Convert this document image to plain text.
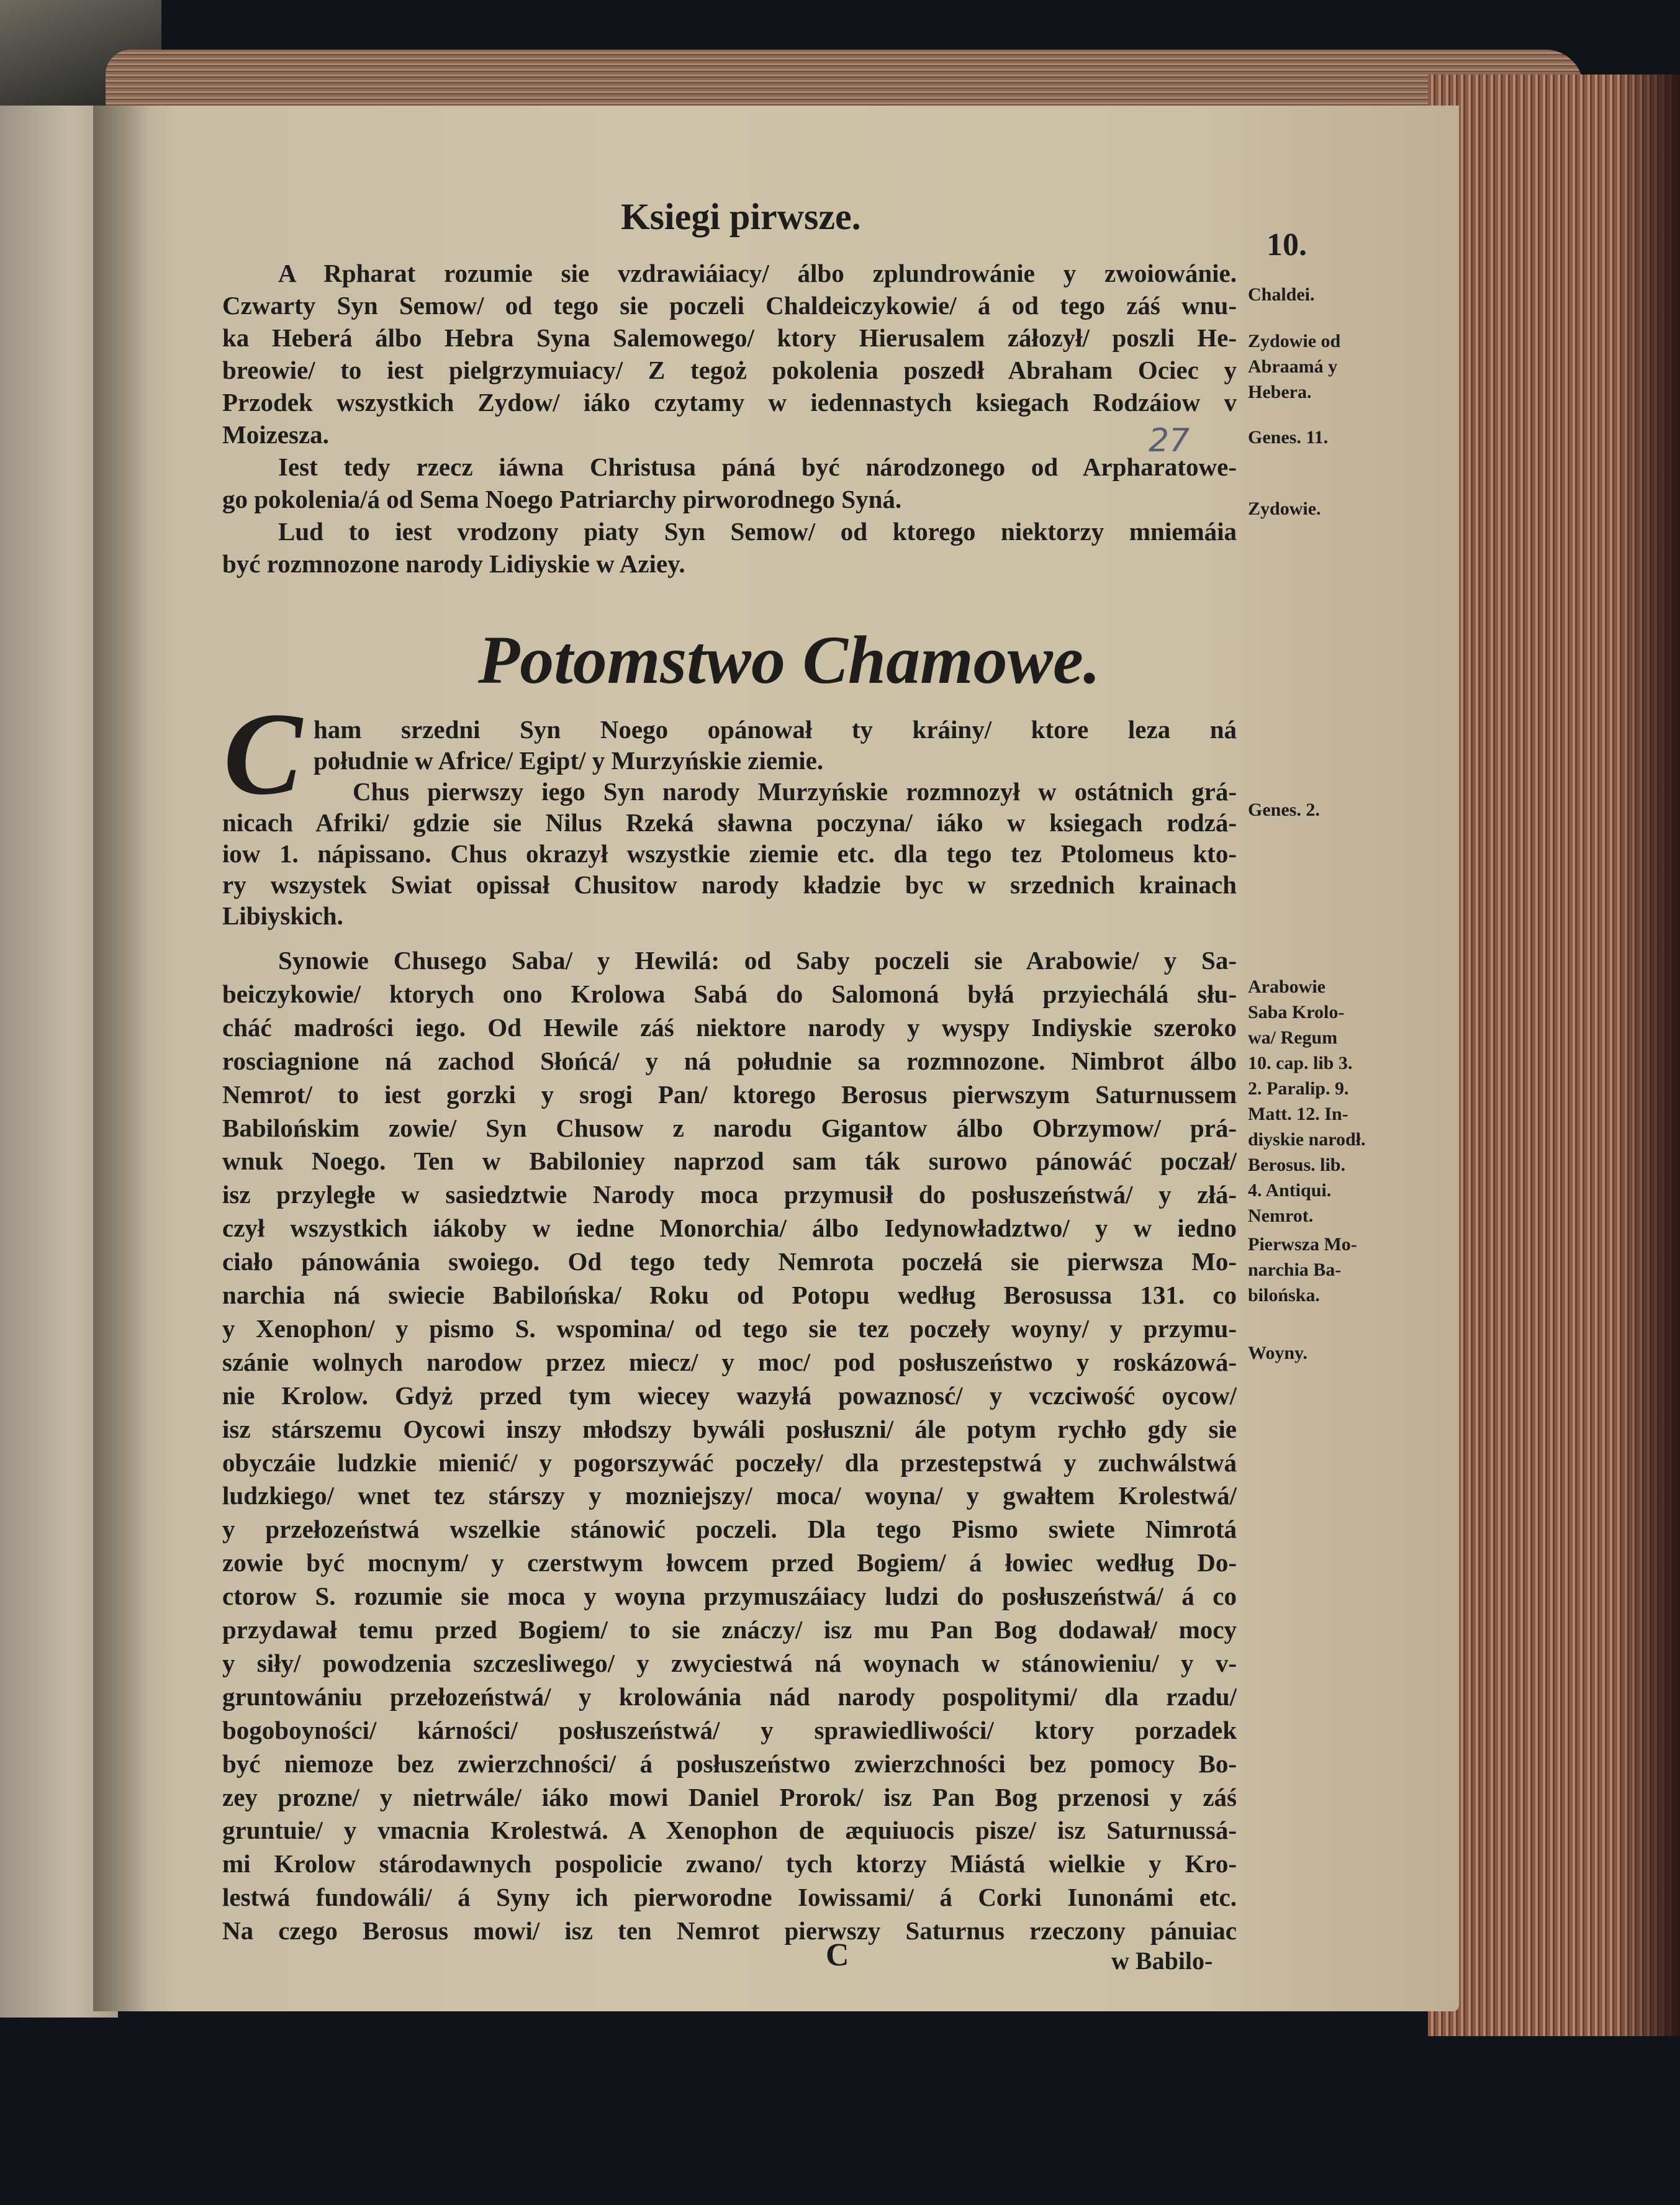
Ksiegi pirwsze.
10.
27
Potomstwo Chamowe.
C
C	w Babilo-
A Rpharat rozumie sie vzdrawiáiacy/ álbo zplundrowánie y zwoiowánie.
Czwarty Syn Semow/ od tego sie poczeli Chaldeiczykowie/ á od tego záś wnu-
ka Heberá álbo Hebra Syna Salemowego/ ktory Hierusalem záłozył/ poszli He-
breowie/ to iest pielgrzymuiacy/ Z tegoż pokolenia poszedł Abraham Ociec y
Przodek wszystkich Zydow/ iáko czytamy w iedennastych ksiegach Rodzáiow v
Moizesza.
Iest tedy rzecz iáwna Christusa páná być národzonego od Arpharatowe-
go pokolenia/á od Sema Noego Patriarchy pirworodnego Syná.
Lud to iest vrodzony piaty Syn Semow/ od ktorego niektorzy mniemáia
być rozmnozone narody Lidiyskie w Aziey.
ham srzedni Syn Noego opánował ty kráiny/ ktore leza ná
południe w Africe/ Egipt/ y Murzyńskie ziemie.
Chus pierwszy iego Syn narody Murzyńskie rozmnozył w ostátnich grá-
nicach Afriki/ gdzie sie Nilus Rzeká sławna poczyna/ iáko w ksiegach rodzá-
iow 1. nápissano. Chus okrazył wszystkie ziemie etc. dla tego tez Ptolomeus kto-
ry wszystek Swiat opissał Chusitow narody kładzie byc w srzednich krainach
Libiyskich.
Synowie Chusego Saba/ y Hewilá: od Saby poczeli sie Arabowie/ y Sa-
beiczykowie/ ktorych ono Krolowa Sabá do Salomoná byłá przyiechálá słu-
cháć madrości iego. Od Hewile záś niektore narody y wyspy Indiyskie szeroko
rosciagnione ná zachod Słońcá/ y ná południe sa rozmnozone. Nimbrot álbo
Nemrot/ to iest gorzki y srogi Pan/ ktorego Berosus pierwszym Saturnussem
Babilońskim zowie/ Syn Chusow z narodu Gigantow álbo Obrzymow/ prá-
wnuk Noego. Ten w Babiloniey naprzod sam ták surowo pánowáć poczał/
isz przyległe w sasiedztwie Narody moca przymusił do posłuszeństwá/ y złá-
czył wszystkich iákoby w iedne Monorchia/ álbo Iedynowładztwo/ y w iedno
ciało pánowánia swoiego. Od tego tedy Nemrota poczełá sie pierwsza Mo-
narchia ná swiecie Babilońska/ Roku od Potopu według Berosussa 131. co
y Xenophon/ y pismo S. wspomina/ od tego sie tez poczeły woyny/ y przymu-
szánie wolnych narodow przez miecz/ y moc/ pod posłuszeństwo y roskázowá-
nie Krolow. Gdyż przed tym wiecey wazyłá powaznosć/ y vczciwość oycow/
isz stárszemu Oycowi inszy młodszy bywáli posłuszni/ ále potym rychło gdy sie
obyczáie ludzkie mienić/ y pogorszywáć poczeły/ dla przestepstwá y zuchwálstwá
ludzkiego/ wnet tez stárszy y mozniejszy/ moca/ woyna/ y gwałtem Krolestwá/
y przełozeństwá wszelkie stánowić poczeli. Dla tego Pismo swiete Nimrotá
zowie być mocnym/ y czerstwym łowcem przed Bogiem/ á łowiec według Do-
ctorow S. rozumie sie moca y woyna przymuszáiacy ludzi do posłuszeństwá/ á co
przydawał temu przed Bogiem/ to sie znáczy/ isz mu Pan Bog dodawał/ mocy
y siły/ powodzenia szczesliwego/ y zwyciestwá ná woynach w stánowieniu/ y v-
gruntowániu przełozeństwá/ y krolowánia nád narody pospolitymi/ dla rzadu/
bogoboyności/ kárności/ posłuszeństwá/ y sprawiedliwości/ ktory porzadek
być niemoze bez zwierzchności/ á posłuszeństwo zwierzchności bez pomocy Bo-
zey prozne/ y nietrwále/ iáko mowi Daniel Prorok/ isz Pan Bog przenosi y záś
gruntuie/ y vmacnia Krolestwá. A Xenophon de æquiuocis pisze/ isz Saturnussá-
mi Krolow stárodawnych pospolicie zwano/ tych ktorzy Miástá wielkie y Kro-
lestwá fundowáli/ á Syny ich pierworodne Iowissami/ á Corki Iunonámi etc.
Na czego Berosus mowi/ isz ten Nemrot pierwszy Saturnus rzeczony pánuiac
Chaldei.
Zydowie od
Abraamá y
Hebera.
Genes. 11.
Zydowie.
Genes. 2.
Arabowie
Saba Krolo-
wa/ Regum
10. cap. lib 3.
2. Paralip. 9.
Matt. 12. In-
diyskie narodł.
Berosus. lib.
4. Antiqui.
Nemrot.
Pierwsza Mo-
narchia Ba-
bilońska.
Woyny.
